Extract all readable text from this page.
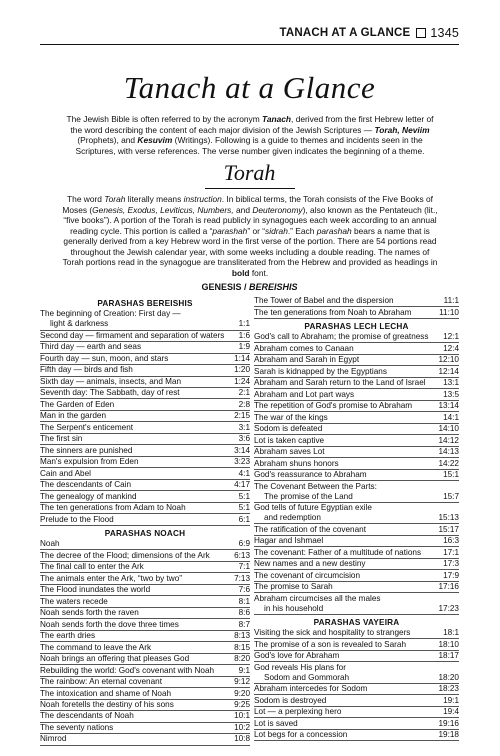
TANACH AT A GLANCE 1345
Tanach at a Glance
The Jewish Bible is often referred to by the acronym Tanach, derived from the first Hebrew letter of the word describing the content of each major division of the Jewish Scriptures — Torah, Neviim (Prophets), and Kesuvim (Writings). Following is a guide to themes and incidents seen in the Scriptures, with verse references. The verse number given indicates the beginning of a theme.
Torah
The word Torah literally means instruction. In biblical terms, the Torah consists of the Five Books of Moses (Genesis, Exodus, Leviticus, Numbers, and Deuteronomy), also known as the Pentateuch (lit., “five books”). A portion of the Torah is read publicly in synagogues each week according to an annual reading cycle. This portion is called a “parashah” or “sidrah.” Each parashah bears a name that is generally derived from a key Hebrew word in the first verse of the portion. There are 54 portions read throughout the Jewish calendar year, with some weeks including a double reading. The names of Torah portions read in the synagogue are transliterated from the Hebrew and provided as headings in bold font.
GENESIS / BEREISHIS
PARASHAS BEREISHIS
The beginning of Creation: First day —
light & darkness	1:1
Second day — firmament and separation of waters	1:6
Third day — earth and seas	1:9
Fourth day — sun, moon, and stars	1:14
Fifth day — birds and fish	1:20
Sixth day — animals, insects, and Man	1:24
Seventh day: The Sabbath, day of rest	2:1
The Garden of Eden	2:8
Man in the garden	2:15
The Serpent's enticement	3:1
The first sin	3:6
The sinners are punished	3:14
Man's expulsion from Eden	3:23
Cain and Abel	4:1
The descendants of Cain	4:17
The genealogy of mankind	5:1
The ten generations from Adam to Noah	5:1
Prelude to the Flood	6:1
PARASHAS NOACH
Noah	6:9
The decree of the Flood; dimensions of the Ark	6:13
The final call to enter the Ark	7:1
The animals enter the Ark, “two by two”	7:13
The Flood inundates the world	7:6
The waters recede	8:1
Noah sends forth the raven	8:6
Noah sends forth the dove three times	8:7
The earth dries	8:13
The command to leave the Ark	8:15
Noah brings an offering that pleases God	8:20
Rebuilding the world: God's covenant with Noah	9:1
The rainbow: An eternal covenant	9:12
The intoxication and shame of Noah	9:20
Noah foretells the destiny of his sons	9:25
The descendants of Noah	10:1
The seventy nations	10:2
Nimrod	10:8
The Tower of Babel and the dispersion	11:1
The ten generations from Noah to Abraham	11:10
PARASHAS LECH LECHA
God's call to Abraham; the promise of greatness	12:1
Abraham comes to Canaan	12:4
Abraham and Sarah in Egypt	12:10
Sarah is kidnapped by the Egyptians	12:14
Abraham and Sarah return to the Land of Israel	13:1
Abraham and Lot part ways	13:5
The repetition of God's promise to Abraham	13:14
The war of the kings	14:1
Sodom is defeated	14:10
Lot is taken captive	14:12
Abraham saves Lot	14:13
Abraham shuns honors	14:22
God's reassurance to Abraham	15:1
The Covenant Between the Parts:
The promise of the Land	15:7
God tells of future Egyptian exile
and redemption	15:13
The ratification of the covenant	15:17
Hagar and Ishmael	16:3
The covenant: Father of a multitude of nations	17:1
New names and a new destiny	17:3
The covenant of circumcision	17:9
The promise to Sarah	17:16
Abraham circumcises all the males
in his household	17:23
PARASHAS VAYEIRA
Visiting the sick and hospitality to strangers	18:1
The promise of a son is revealed to Sarah	18:10
God's love for Abraham	18:17
God reveals His plans for
Sodom and Gommorah	18:20
Abraham intercedes for Sodom	18:23
Sodom is destroyed	19:1
Lot — a perplexing hero	19:4
Lot is saved	19:16
Lot begs for a concession	19:18
